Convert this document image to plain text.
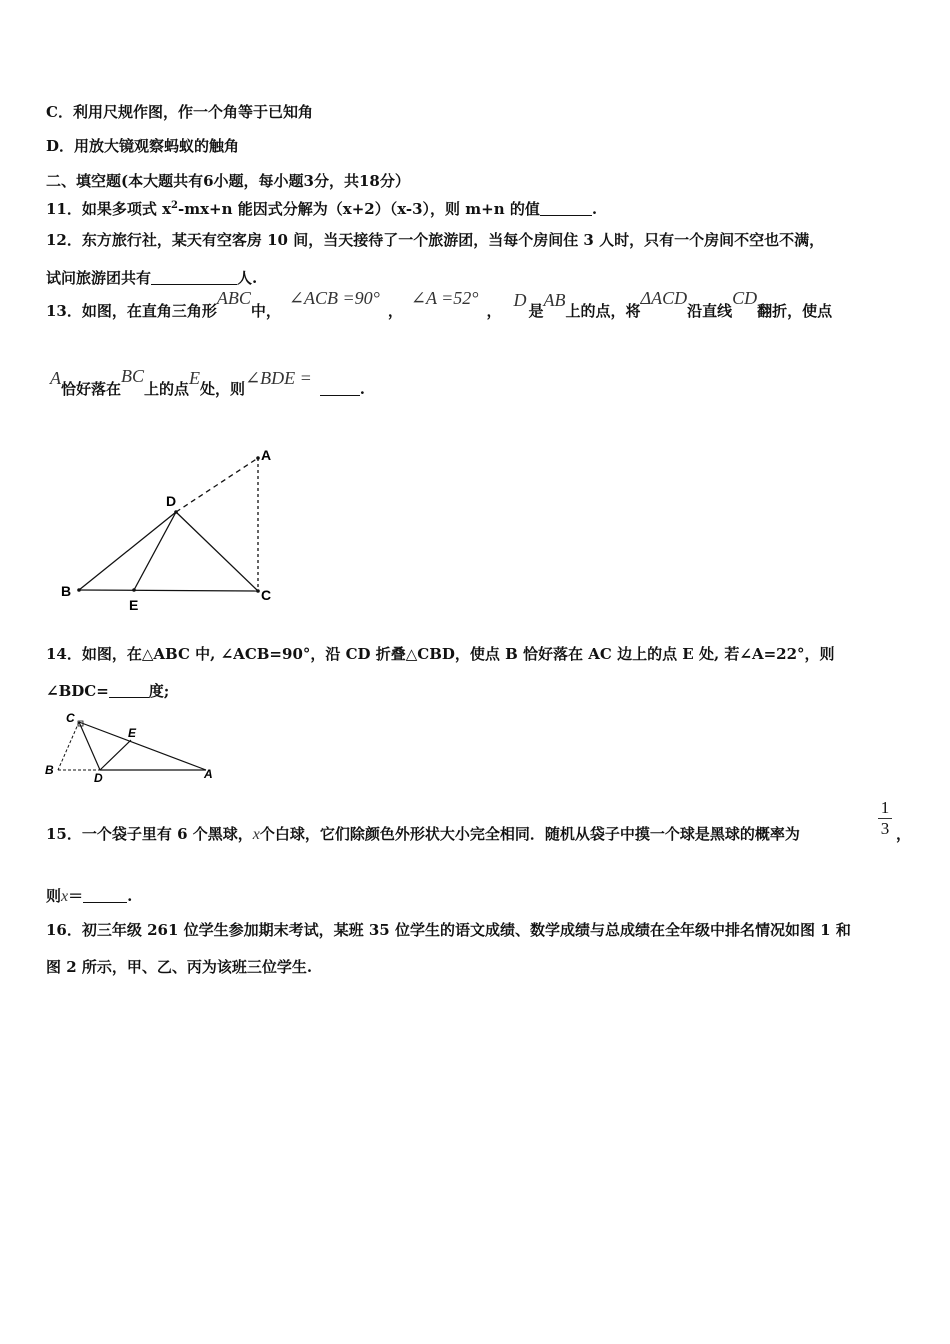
C．利用尺规作图，作一个角等于已知角
D．用放大镜观察蚂蚁的触角
二、填空题(本大题共有6小题，每小题3分，共18分）
11．如果多项式 $x^2-mx+n$ 能因式分解为（x+2）（x-3），则 m+n 的值	.
12．东方旅行社，某天有空客房 10 间，当天接待了一个旅游团，当每个房间住 3 人时，只有一个房间不空也不满，
试问旅游团共有	人.
13．如图，在直角三角形ABC中，∠ACB =90°，∠A =52°，D是AB上的点，将ΔACD沿直线CD翻折，使点
A恰好落在BC上的点E处，则∠BDE =.
A
B	C
D
E
14．如图，在△ABC 中, ∠ACB=90°，沿 CD 折叠△CBD，使点 B 恰好落在 AC 边上的点 E 处, 若∠A=22°，则
∠BDC=	度;
C
E
B
D	A
15．一个袋子里有 6 个黑球，x个白球，它们除颜色外形状大小完全相同．随机从袋子中摸一个球是黑球的概率为	$\frac{1}{3}$ ，
则x＝	.
16．初三年级 261 位学生参加期末考试，某班 35 位学生的语文成绩、数学成绩与总成绩在全年级中排名情况如图 1 和
图 2 所示，甲、乙、丙为该班三位学生.
